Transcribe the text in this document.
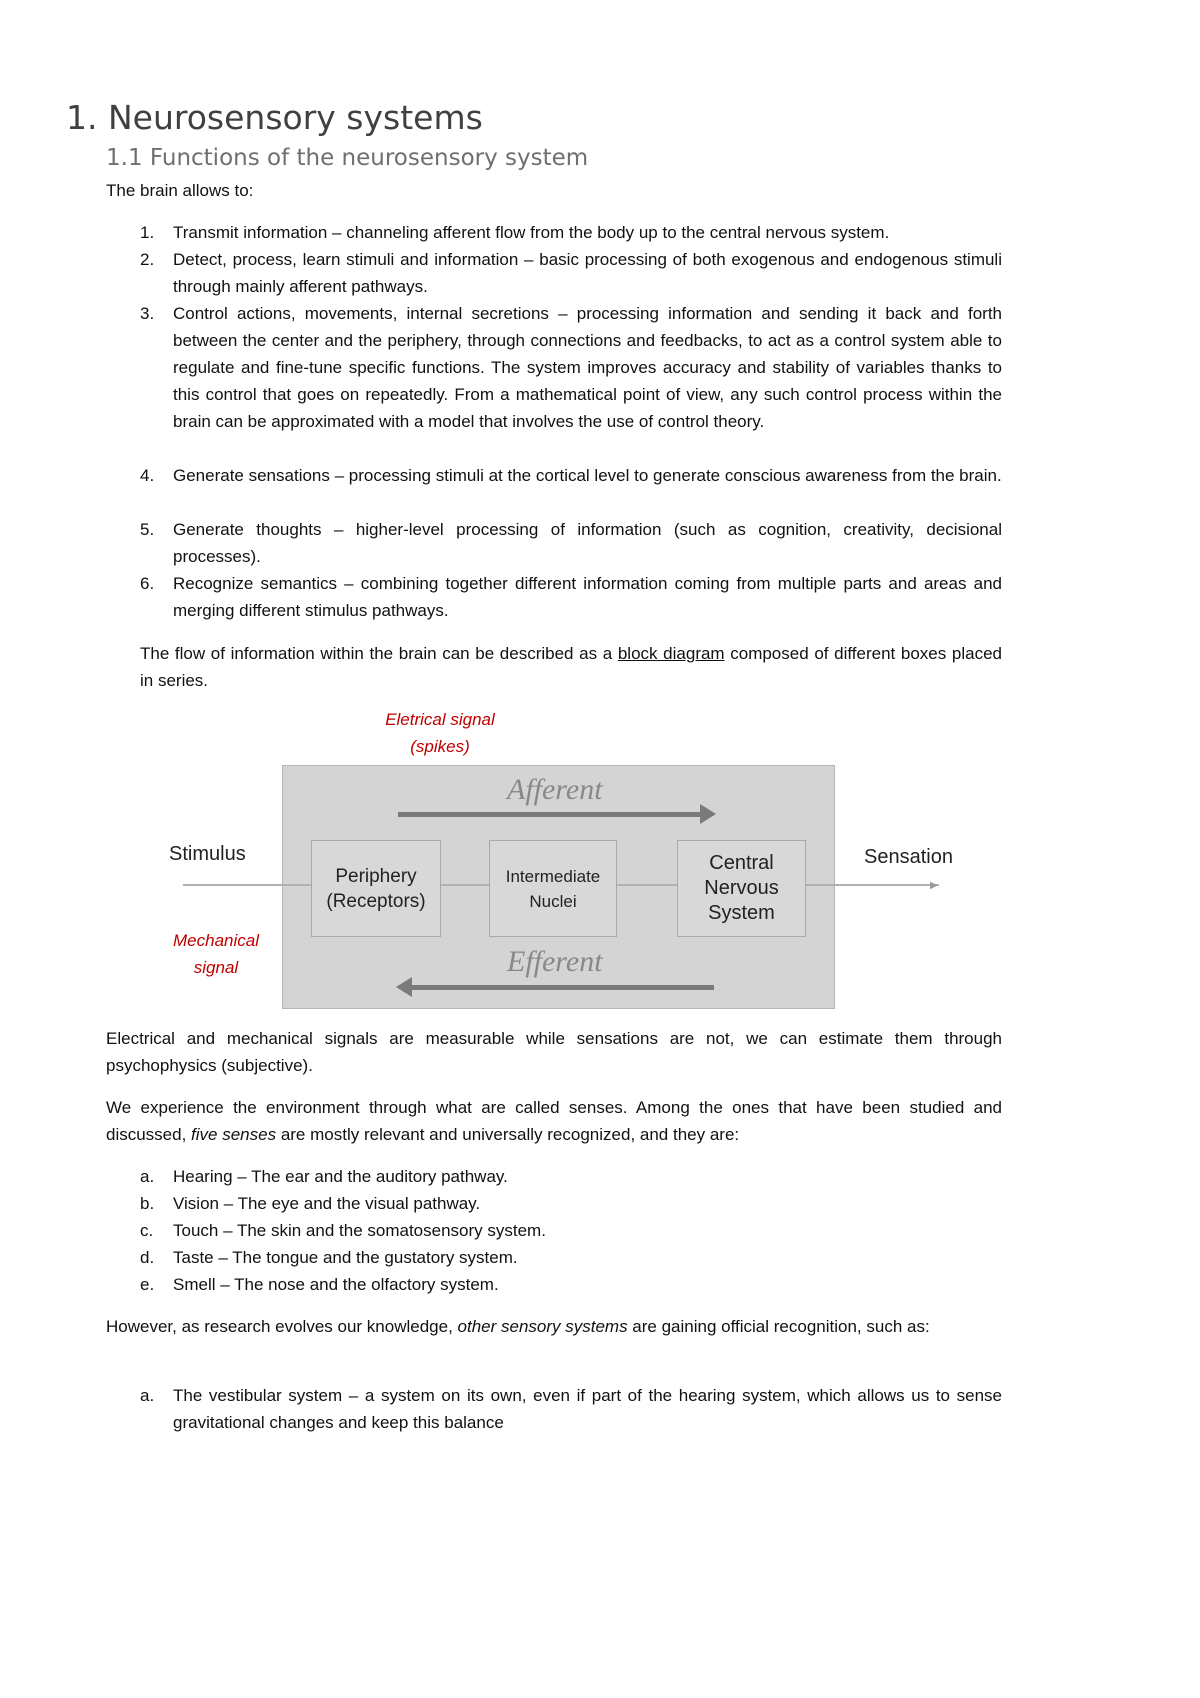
1. Neurosensory systems
1.1 Functions of the neurosensory system
The brain allows to:
1.	Transmit information – channeling afferent flow from the body up to the central nervous system.
2.	Detect, process, learn stimuli and information – basic processing of both exogenous and endogenous stimuli through mainly afferent pathways.
3.	Control actions, movements, internal secretions – processing information and sending it back and forth between the center and the periphery, through connections and feedbacks, to act as a control system able to regulate and fine-tune specific functions. The system improves accuracy and stability of variables thanks to this control that goes on repeatedly. From a mathematical point of view, any such control process within the brain can be approximated with a model that involves the use of control theory.
4.	Generate sensations – processing stimuli at the cortical level to generate conscious awareness from the brain.
5.	Generate thoughts – higher-level processing of information (such as cognition, creativity, decisional processes).
6.	Recognize semantics – combining together different information coming from multiple parts and areas and merging different stimulus pathways.
The flow of information within the brain can be described as a block diagram composed of different boxes placed in series.
Eletrical signal (spikes)
▶
Periphery (Receptors)
Intermediate Nuclei
Central Nervous System
Stimulus	Sensation
Afferent
Efferent
Mechanical signal
Electrical and mechanical signals are measurable while sensations are not, we can estimate them through psychophysics (subjective).
We experience the environment through what are called senses. Among the ones that have been studied and discussed, five senses are mostly relevant and universally recognized, and they are:
a.	Hearing – The ear and the auditory pathway.
b.	Vision – The eye and the visual pathway.
c.	Touch – The skin and the somatosensory system.
d.	Taste – The tongue and the gustatory system.
e.	Smell – The nose and the olfactory system.
However, as research evolves our knowledge, other sensory systems are gaining official recognition, such as:
a.	The vestibular system – a system on its own, even if part of the hearing system, which allows us to sense gravitational changes and keep this balance
